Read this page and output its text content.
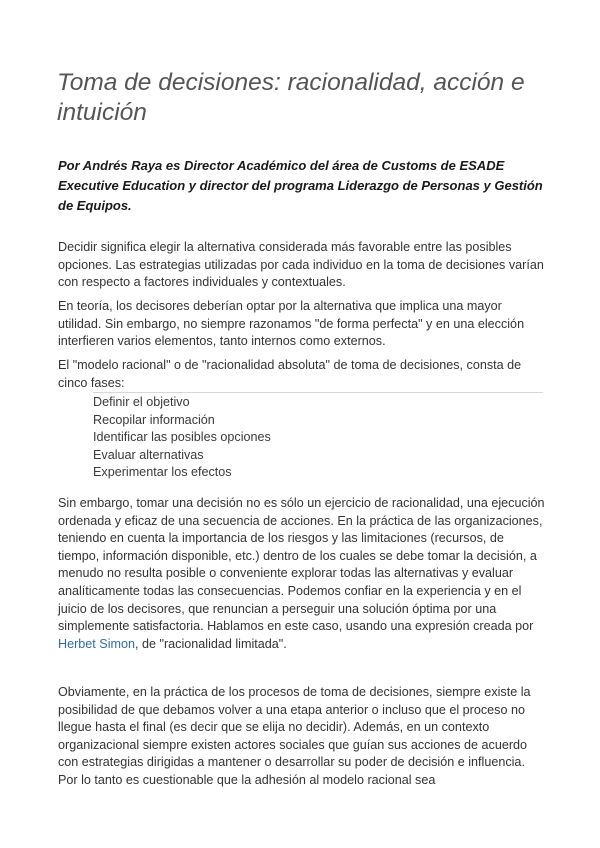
Toma de decisiones: racionalidad, acción e intuición

Por Andrés Raya es Director Académico del área de Customs de ESADE Executive Education y director del programa Liderazgo de Personas y Gestión de Equipos.

Decidir significa elegir la alternativa considerada más favorable entre las posibles opciones. Las estrategias utilizadas por cada individuo en la toma de decisiones varían con respecto a factores individuales y contextuales.

En teoría, los decisores deberían optar por la alternativa que implica una mayor utilidad. Sin embargo, no siempre razonamos "de forma perfecta" y en una elección interfieren varios elementos, tanto internos como externos.

El "modelo racional" o de "racionalidad absoluta" de toma de decisiones, consta de cinco fases:

Definir el objetivo
Recopilar información
Identificar las posibles opciones
Evaluar alternativas
Experimentar los efectos

Sin embargo, tomar una decisión no es sólo un ejercicio de racionalidad, una ejecución ordenada y eficaz de una secuencia de acciones. En la práctica de las organizaciones, teniendo en cuenta la importancia de los riesgos y las limitaciones (recursos, de tiempo, información disponible, etc.) dentro de los cuales se debe tomar la decisión, a menudo no resulta posible o conveniente explorar todas las alternativas y evaluar analíticamente todas las consecuencias. Podemos confiar en la experiencia y en el juicio de los decisores, que renuncian a perseguir una solución óptima por una simplemente satisfactoria. Hablamos en este caso, usando una expresión creada por Herbet Simon, de "racionalidad limitada".

Obviamente, en la práctica de los procesos de toma de decisiones, siempre existe la posibilidad de que debamos volver a una etapa anterior o incluso que el proceso no llegue hasta el final (es decir que se elija no decidir). Además, en un contexto organizacional siempre existen actores sociales que guían sus acciones de acuerdo con estrategias dirigidas a mantener o desarrollar su poder de decisión e influencia. Por lo tanto es cuestionable que la adhesión al modelo racional sea
